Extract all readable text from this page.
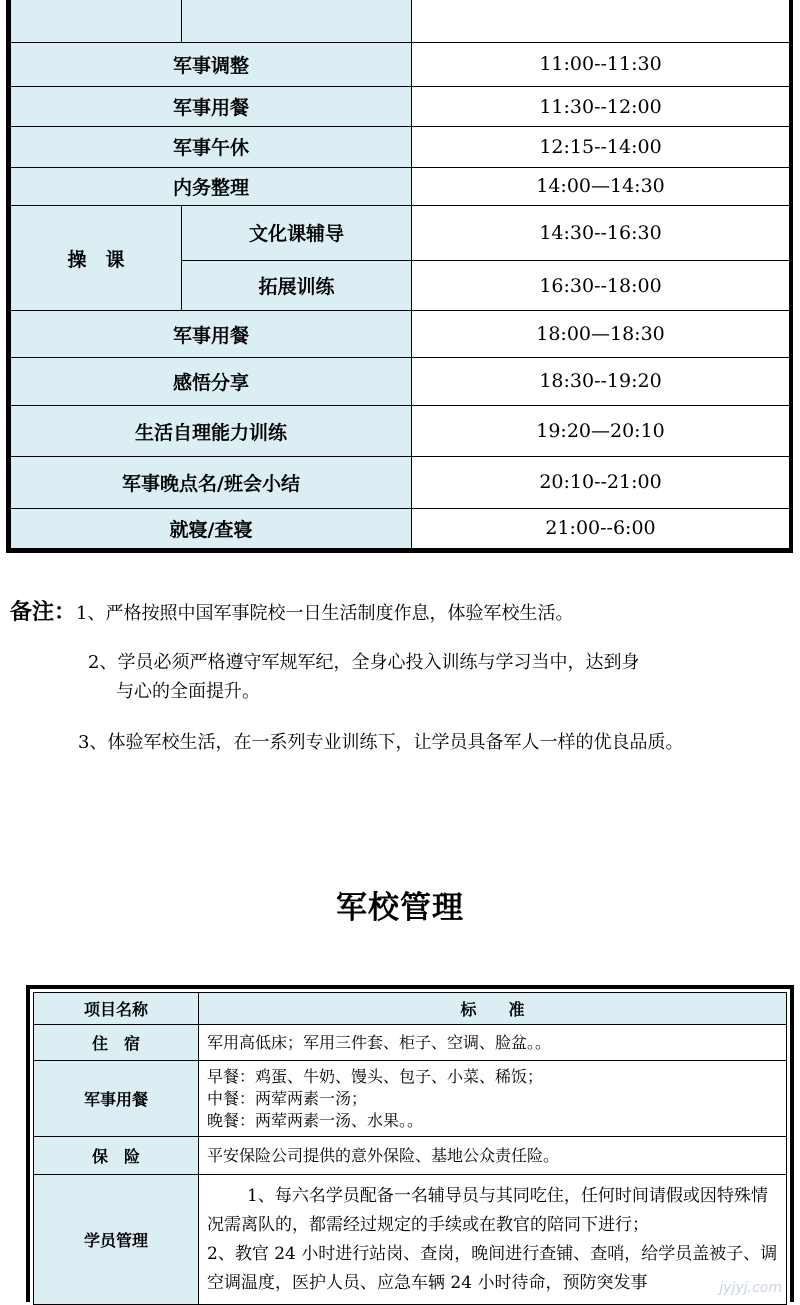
军事调整		11:00--11:30
军事用餐		11:30--12:00
军事午休		12:15--14:00
内务整理		14:00—14:30
操　课	文化课辅导	14:30--16:30
	拓展训练	16:30--18:00
军事用餐		18:00—18:30
感悟分享		18:30--19:20
生活自理能力训练		19:20—20:10
军事晚点名/班会小结		20:10--21:00
就寝/查寝		21:00--6:00
备注：1、严格按照中国军事院校一日生活制度作息，体验军校生活。
2、学员必须严格遵守军规军纪，全身心投入训练与学习当中，达到身
与心的全面提升。
3、体验军校生活，在一系列专业训练下，让学员具备军人一样的优良品质。
军校管理
项目名称	标　　准
住　宿	军用高低床；军用三件套、柜子、空调、脸盆。。
军事用餐	早餐：鸡蛋、牛奶、馒头、包子、小菜、稀饭；
中餐：两荤两素一汤；
晚餐：两荤两素一汤、水果。。

保　险	平安保险公司提供的意外保险、基地公众责任险。
学员管理	1、每六名学员配备一名辅导员与其同吃住，任何时间请假或因特殊情况需离队的，都需经过规定的手续或在教官的陪同下进行；
2、教官 24 小时进行站岗、查岗，晚间进行查铺、查哨，给学员盖被子、调空调温度，医护人员、应急车辆 24 小时待命，预防突发事	jyjyj.com
